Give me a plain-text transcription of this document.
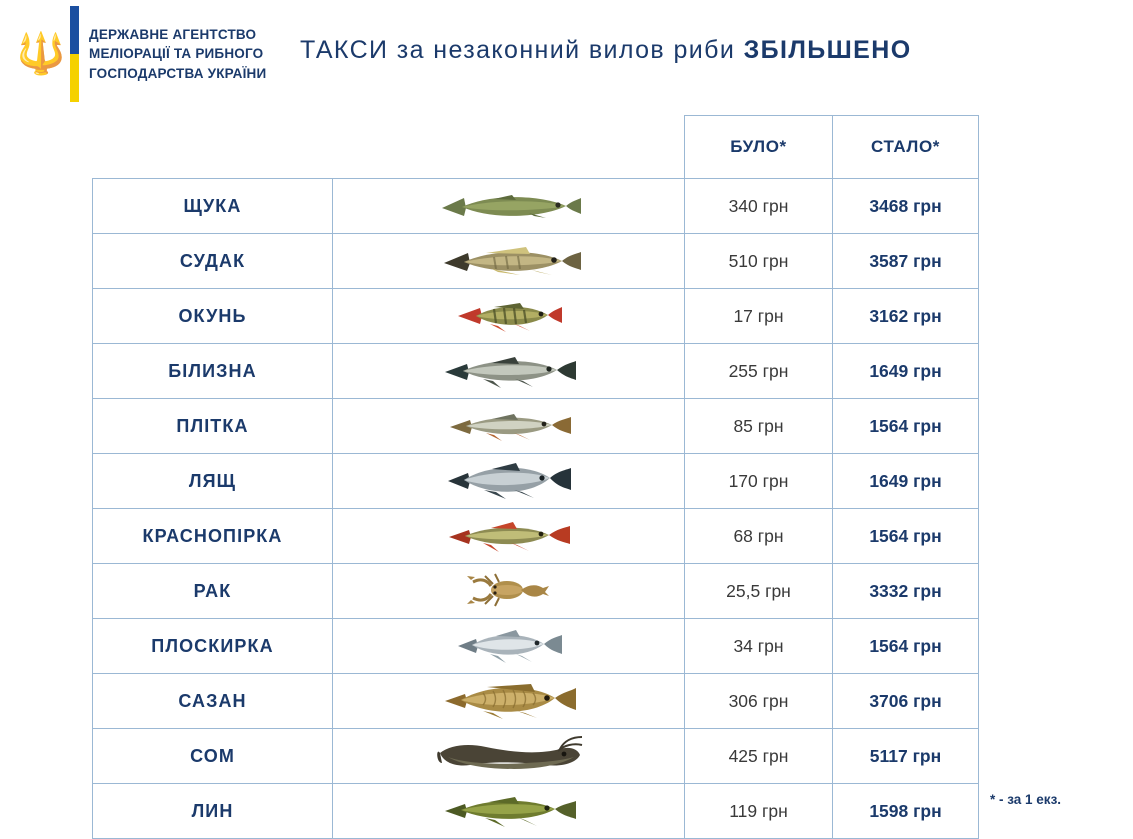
🔱 ДЕРЖАВНЕ АГЕНТСТВО
МЕЛІОРАЦІЇ ТА РИБНОГО
ГОСПОДАРСТВА УКРАЇНИ
ТАКСИ за незаконний вилов риби ЗБІЛЬШЕНО
		БУЛО*	СТАЛО*
ЩУКА		340 грн	3468 грн
СУДАК		510 грн	3587 грн
ОКУНЬ		17 грн	3162 грн
БІЛИЗНА		255 грн	1649 грн
ПЛІТКА		85 грн	1564 грн
ЛЯЩ		170 грн	1649 грн
КРАСНОПІРКА		68 грн	1564 грн
РАК		25,5 грн	3332 грн
ПЛОСКИРКА		34 грн	1564 грн
САЗАН		306 грн	3706 грн
СОМ		425 грн	5117 грн
ЛИН		119 грн	1598 грн
* - за 1 екз.
